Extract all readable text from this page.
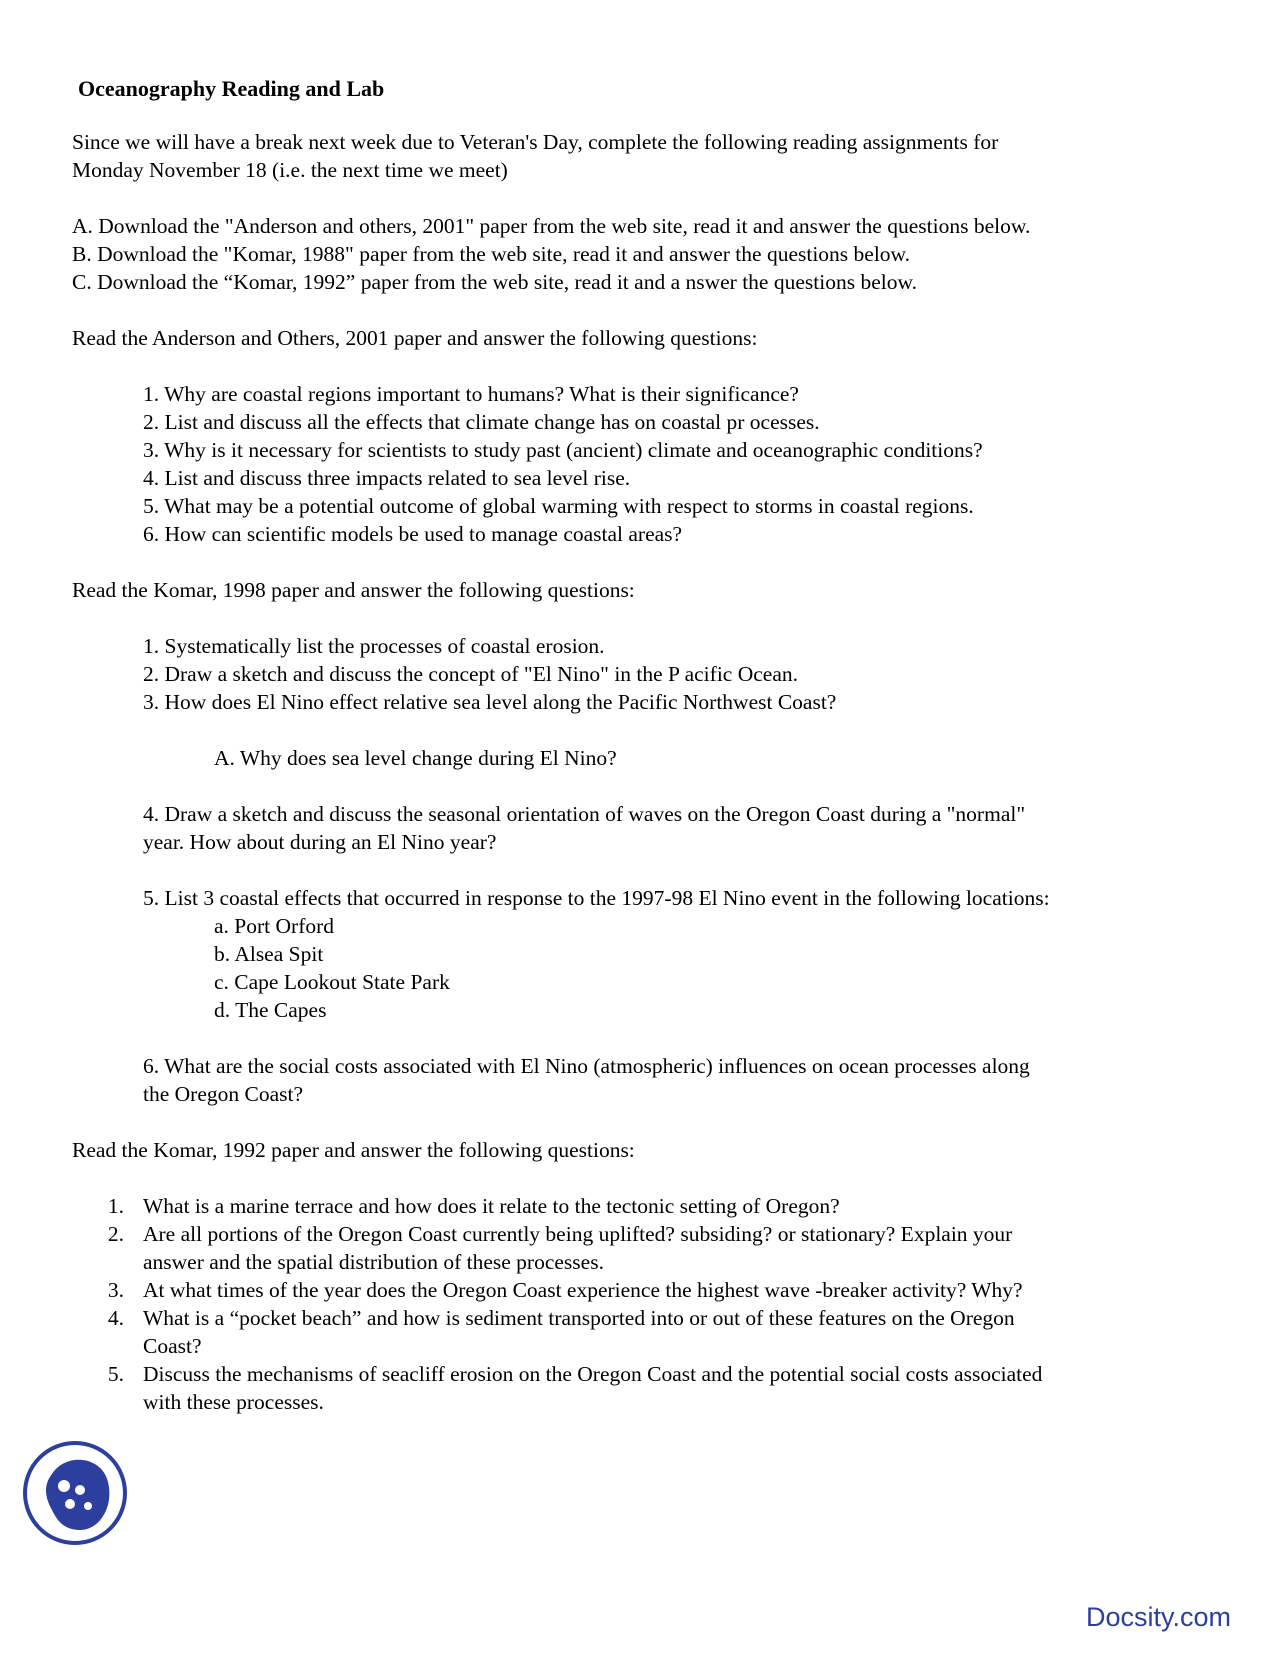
Oceanography Reading and Lab
Since we will have a break next week due to Veteran's Day, complete the following reading assignments for
Monday November 18 (i.e. the next time we meet)
A. Download the "Anderson and others, 2001" paper from the web site, read it and answer the questions below.
B. Download the "Komar, 1988" paper from the web site, read it and answer the questions below.
C. Download the “Komar, 1992” paper from the web site, read it and a nswer the questions below.
Read the Anderson and Others, 2001 paper and answer the following questions:
1. Why are coastal regions important to humans? What is their significance?
2. List and discuss all the effects that climate change has on coastal pr ocesses.
3. Why is it necessary for scientists to study past (ancient) climate and oceanographic conditions?
4. List and discuss three impacts related to sea level rise.
5. What may be a potential outcome of global warming with respect to storms in coastal regions.
6. How can scientific models be used to manage coastal areas?
Read the Komar, 1998 paper and answer the following questions:
1. Systematically list the processes of coastal erosion.
2. Draw a sketch and discuss the concept of "El Nino" in the P acific Ocean.
3. How does El Nino effect relative sea level along the Pacific Northwest Coast?
A. Why does sea level change during El Nino?
4. Draw a sketch and discuss the seasonal orientation of waves on the Oregon Coast during a "normal"
year. How about during an El Nino year?
5. List 3 coastal effects that occurred in response to the 1997-98 El Nino event in the following locations:
a. Port Orford
b. Alsea Spit
c. Cape Lookout State Park
d. The Capes
6. What are the social costs associated with El Nino (atmospheric) influences on ocean processes along
the Oregon Coast?
Read the Komar, 1992 paper and answer the following questions:
1. What is a marine terrace and how does it relate to the tectonic setting of Oregon?
2. Are all portions of the Oregon Coast currently being uplifted? subsiding? or stationary? Explain your
answer and the spatial distribution of these processes.
3. At what times of the year does the Oregon Coast experience the highest wave -breaker activity? Why?
4. What is a “pocket beach” and how is sediment transported into or out of these features on the Oregon
Coast?
5. Discuss the mechanisms of seacliff erosion on the Oregon Coast and the potential social costs associated
with these processes.
Docsity.com
